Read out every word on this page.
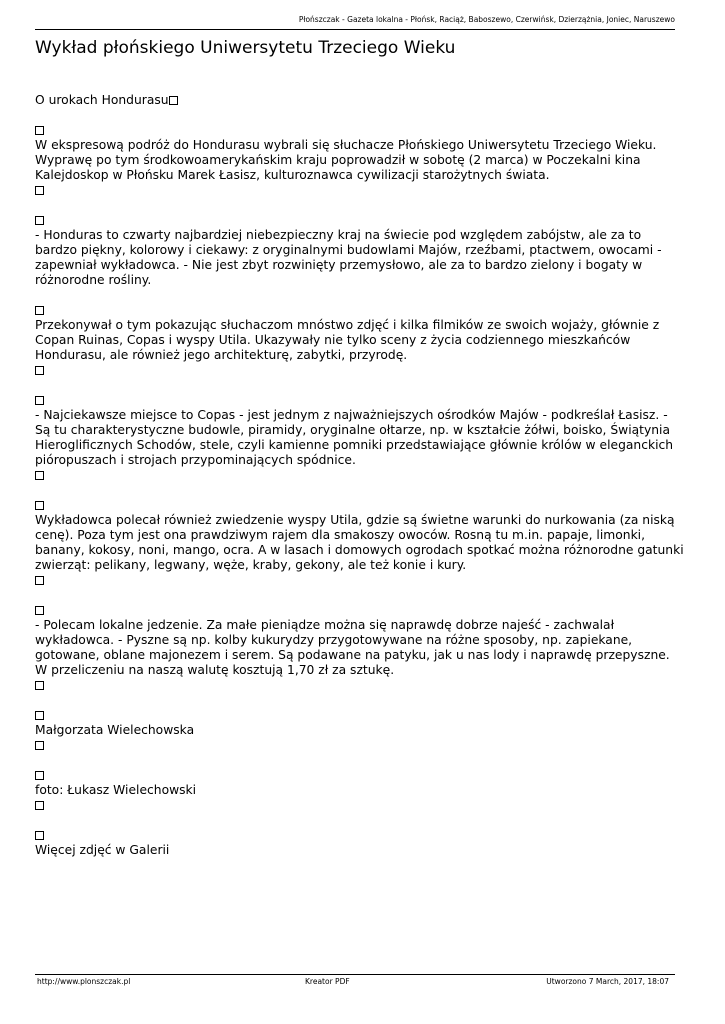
Płońszczak - Gazeta lokalna - Płońsk, Raciąż, Baboszewo, Czerwińsk, Dzierzążnia, Joniec, Naruszewo
Wykład płońskiego Uniwersytetu Trzeciego Wieku
O urokach Hondurasu
W ekspresową podróż do Hondurasu wybrali się słuchacze Płońskiego Uniwersytetu Trzeciego Wieku. Wyprawę po tym środkowoamerykańskim kraju poprowadził w sobotę (2 marca) w Poczekalni kina Kalejdoskop w Płońsku Marek Łasisz, kulturoznawca cywilizacji starożytnych świata.
- Honduras to czwarty najbardziej niebezpieczny kraj na świecie pod względem zabójstw, ale za to bardzo piękny, kolorowy i ciekawy: z oryginalnymi budowlami Majów, rzeźbami, ptactwem, owocami - zapewniał wykładowca. - Nie jest zbyt rozwinięty przemysłowo, ale za to bardzo zielony i bogaty w różnorodne rośliny.
Przekonywał o tym pokazując słuchaczom mnóstwo zdjęć i kilka filmików ze swoich wojaży, głównie z Copan Ruinas, Copas i wyspy Utila. Ukazywały nie tylko sceny z życia codziennego mieszkańców Hondurasu, ale również jego architekturę, zabytki, przyrodę.
- Najciekawsze miejsce to Copas - jest jednym z najważniejszych ośrodków Majów - podkreślał Łasisz. - Są tu charakterystyczne budowle, piramidy, oryginalne ołtarze, np. w kształcie żółwi, boisko, Świątynia Hieroglificznych Schodów, stele, czyli kamienne pomniki przedstawiające głównie królów w eleganckich pióropuszach i strojach przypominających spódnice.
Wykładowca polecał również zwiedzenie wyspy Utila, gdzie są świetne warunki do nurkowania (za niską cenę). Poza tym jest ona prawdziwym rajem dla smakoszy owoców. Rosną tu m.in. papaje, limonki, banany, kokosy, noni, mango, ocra. A w lasach i domowych ogrodach spotkać można różnorodne gatunki zwierząt: pelikany, legwany, węże, kraby, gekony, ale też konie i kury.
- Polecam lokalne jedzenie. Za małe pieniądze można się naprawdę dobrze najeść - zachwalał wykładowca. - Pyszne są np. kolby kukurydzy przygotowywane na różne sposoby, np. zapiekane, gotowane, oblane majonezem i serem. Są podawane na patyku, jak u nas lody i naprawdę przepyszne. W przeliczeniu na naszą walutę kosztują 1,70 zł za sztukę.
Małgorzata Wielechowska
foto: Łukasz Wielechowski
Więcej zdjęć w Galerii
http://www.plonszczak.pl	Kreator PDF	Utworzono 7 March, 2017, 18:07
